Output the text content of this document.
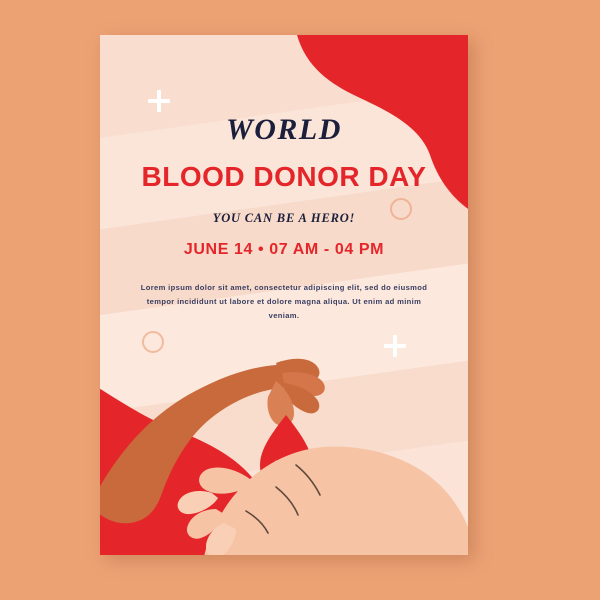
WORLD

BLOOD DONOR DAY

YOU CAN BE A HERO!

JUNE 14 • 07 AM - 04 PM

Lorem ipsum dolor sit amet, consectetur adipiscing elit, sed do eiusmod tempor incididunt ut labore et dolore magna aliqua. Ut enim ad minim veniam.
